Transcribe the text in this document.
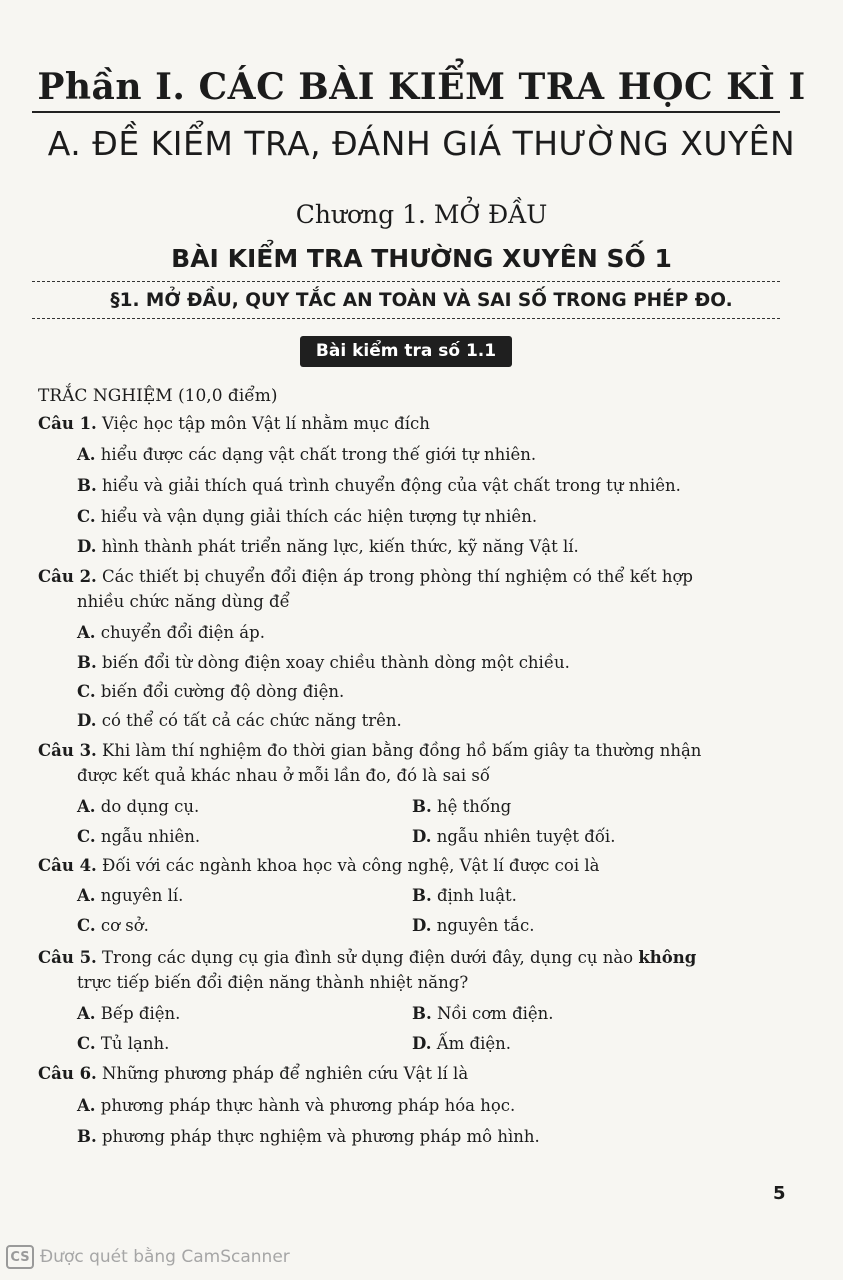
Phần I. CÁC BÀI KIỂM TRA HỌC KÌ I
A. ĐỀ KIỂM TRA, ĐÁNH GIÁ THƯỜNG XUYÊN
Chương 1. MỞ ĐẦU
BÀI KIỂM TRA THƯỜNG XUYÊN SỐ 1
§1. MỞ ĐẦU, QUY TẮC AN TOÀN VÀ SAI SỐ TRONG PHÉP ĐO.
Bài kiểm tra số 1.1
TRẮC NGHIỆM (10,0 điểm)
Câu 1. Việc học tập môn Vật lí nhằm mục đích
A. hiểu được các dạng vật chất trong thế giới tự nhiên.
B. hiểu và giải thích quá trình chuyển động của vật chất trong tự nhiên.
C. hiểu và vận dụng giải thích các hiện tượng tự nhiên.
D. hình thành phát triển năng lực, kiến thức, kỹ năng Vật lí.
Câu 2. Các thiết bị chuyển đổi điện áp trong phòng thí nghiệm có thể kết hợp
nhiều chức năng dùng để
A. chuyển đổi điện áp.
B. biến đổi từ dòng điện xoay chiều thành dòng một chiều.
C. biến đổi cường độ dòng điện.
D. có thể có tất cả các chức năng trên.
Câu 3. Khi làm thí nghiệm đo thời gian bằng đồng hồ bấm giây ta thường nhận
được kết quả khác nhau ở mỗi lần đo, đó là sai số
A. do dụng cụ.	B. hệ thống
C. ngẫu nhiên.	D. ngẫu nhiên tuyệt đối.
Câu 4. Đối với các ngành khoa học và công nghệ, Vật lí được coi là
A. nguyên lí.	B. định luật.
C. cơ sở.	D. nguyên tắc.
Câu 5. Trong các dụng cụ gia đình sử dụng điện dưới đây, dụng cụ nào không
trực tiếp biến đổi điện năng thành nhiệt năng?
A. Bếp điện.	B. Nồi cơm điện.
C. Tủ lạnh.	D. Ấm điện.
Câu 6. Những phương pháp để nghiên cứu Vật lí là
A. phương pháp thực hành và phương pháp hóa học.
B. phương pháp thực nghiệm và phương pháp mô hình.
5
CS Được quét bằng CamScanner
